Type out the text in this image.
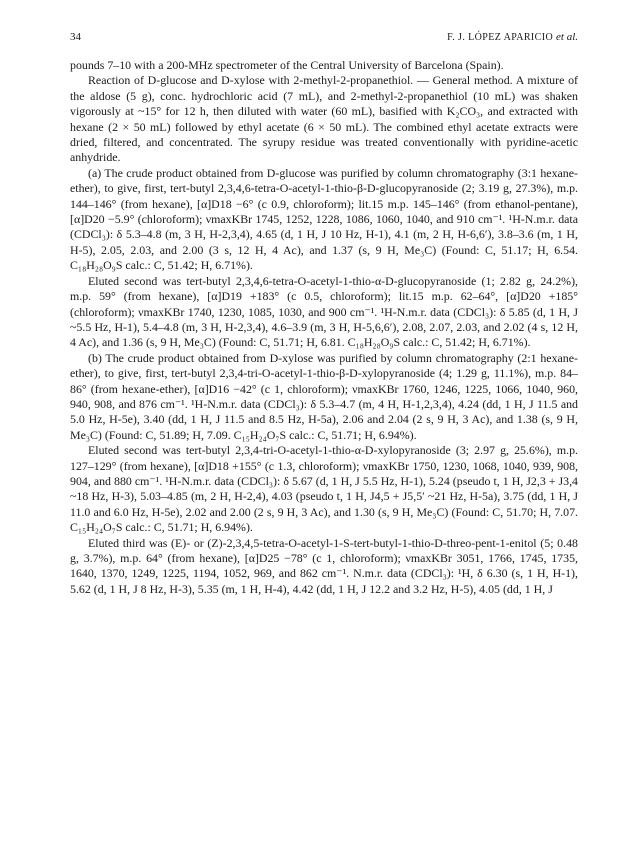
34	F. J. LÓPEZ APARICIO et al.

pounds 7–10 with a 200-MHz spectrometer of the Central University of Barcelona (Spain).

Reaction of D-glucose and D-xylose with 2-methyl-2-propanethiol. — General method. A mixture of the aldose (5 g), conc. hydrochloric acid (7 mL), and 2-methyl-2-propanethiol (10 mL) was shaken vigorously at ~15° for 12 h, then diluted with water (60 mL), basified with K₂CO₃, and extracted with hexane (2 × 50 mL) followed by ethyl acetate (6 × 50 mL). The combined ethyl acetate extracts were dried, filtered, and concentrated. The syrupy residue was treated conventionally with pyridine-acetic anhydride.

(a) The crude product obtained from D-glucose was purified by column chromatography (3:1 hexane-ether), to give, first, tert-butyl 2,3,4,6-tetra-O-acetyl-1-thio-β-D-glucopyranoside (2; 3.19 g, 27.3%), m.p. 144–146° (from hexane), [α]D18 −6° (c 0.9, chloroform); lit.15 m.p. 145–146° (from ethanol-pentane), [α]D20 −5.9° (chloroform); νmaxKBr 1745, 1252, 1228, 1086, 1060, 1040, and 910 cm⁻¹. ¹H-N.m.r. data (CDCl₃): δ 5.3–4.8 (m, 3 H, H-2,3,4), 4.65 (d, 1 H, J 10 Hz, H-1), 4.1 (m, 2 H, H-6,6′), 3.8–3.6 (m, 1 H, H-5), 2.05, 2.03, and 2.00 (3 s, 12 H, 4 Ac), and 1.37 (s, 9 H, Me₃C) (Found: C, 51.17; H, 6.54. C₁₈H₂₈O₉S calc.: C, 51.42; H, 6.71%).

Eluted second was tert-butyl 2,3,4,6-tetra-O-acetyl-1-thio-α-D-glucopyranoside (1; 2.82 g, 24.2%), m.p. 59° (from hexane), [α]D19 +183° (c 0.5, chloroform); lit.15 m.p. 62–64°, [α]D20 +185° (chloroform); νmaxKBr 1740, 1230, 1085, 1030, and 900 cm⁻¹. ¹H-N.m.r. data (CDCl₃): δ 5.85 (d, 1 H, J ~5.5 Hz, H-1), 5.4–4.8 (m, 3 H, H-2,3,4), 4.6–3.9 (m, 3 H, H-5,6,6′), 2.08, 2.07, 2.03, and 2.02 (4 s, 12 H, 4 Ac), and 1.36 (s, 9 H, Me₃C) (Found: C, 51.71; H, 6.81. C₁₈H₂₈O₉S calc.: C, 51.42; H, 6.71%).

(b) The crude product obtained from D-xylose was purified by column chromatography (2:1 hexane-ether), to give, first, tert-butyl 2,3,4-tri-O-acetyl-1-thio-β-D-xylopyranoside (4; 1.29 g, 11.1%), m.p. 84–86° (from hexane-ether), [α]D16 −42° (c 1, chloroform); νmaxKBr 1760, 1246, 1225, 1066, 1040, 960, 940, 908, and 876 cm⁻¹. ¹H-N.m.r. data (CDCl₃): δ 5.3–4.7 (m, 4 H, H-1,2,3,4), 4.24 (dd, 1 H, J 11.5 and 5.0 Hz, H-5e), 3.40 (dd, 1 H, J 11.5 and 8.5 Hz, H-5a), 2.06 and 2.04 (2 s, 9 H, 3 Ac), and 1.38 (s, 9 H, Me₃C) (Found: C, 51.89; H, 7.09. C₁₅H₂₄O₇S calc.: C, 51.71; H, 6.94%).

Eluted second was tert-butyl 2,3,4-tri-O-acetyl-1-thio-α-D-xylopyranoside (3; 2.97 g, 25.6%), m.p. 127–129° (from hexane), [α]D18 +155° (c 1.3, chloroform); νmaxKBr 1750, 1230, 1068, 1040, 939, 908, 904, and 880 cm⁻¹. ¹H-N.m.r. data (CDCl₃): δ 5.67 (d, 1 H, J 5.5 Hz, H-1), 5.24 (pseudo t, 1 H, J2,3 + J3,4 ~18 Hz, H-3), 5.03–4.85 (m, 2 H, H-2,4), 4.03 (pseudo t, 1 H, J4,5 + J5,5′ ~21 Hz, H-5a), 3.75 (dd, 1 H, J 11.0 and 6.0 Hz, H-5e), 2.02 and 2.00 (2 s, 9 H, 3 Ac), and 1.30 (s, 9 H, Me₃C) (Found: C, 51.70; H, 7.07. C₁₅H₂₄O₇S calc.: C, 51.71; H, 6.94%).

Eluted third was (E)- or (Z)-2,3,4,5-tetra-O-acetyl-1-S-tert-butyl-1-thio-D-threo-pent-1-enitol (5; 0.48 g, 3.7%), m.p. 64° (from hexane), [α]D25 −78° (c 1, chloroform); νmaxKBr 3051, 1766, 1745, 1735, 1640, 1370, 1249, 1225, 1194, 1052, 969, and 862 cm⁻¹. N.m.r. data (CDCl₃): ¹H, δ 6.30 (s, 1 H, H-1), 5.62 (d, 1 H, J 8 Hz, H-3), 5.35 (m, 1 H, H-4), 4.42 (dd, 1 H, J 12.2 and 3.2 Hz, H-5), 4.05 (dd, 1 H, J
